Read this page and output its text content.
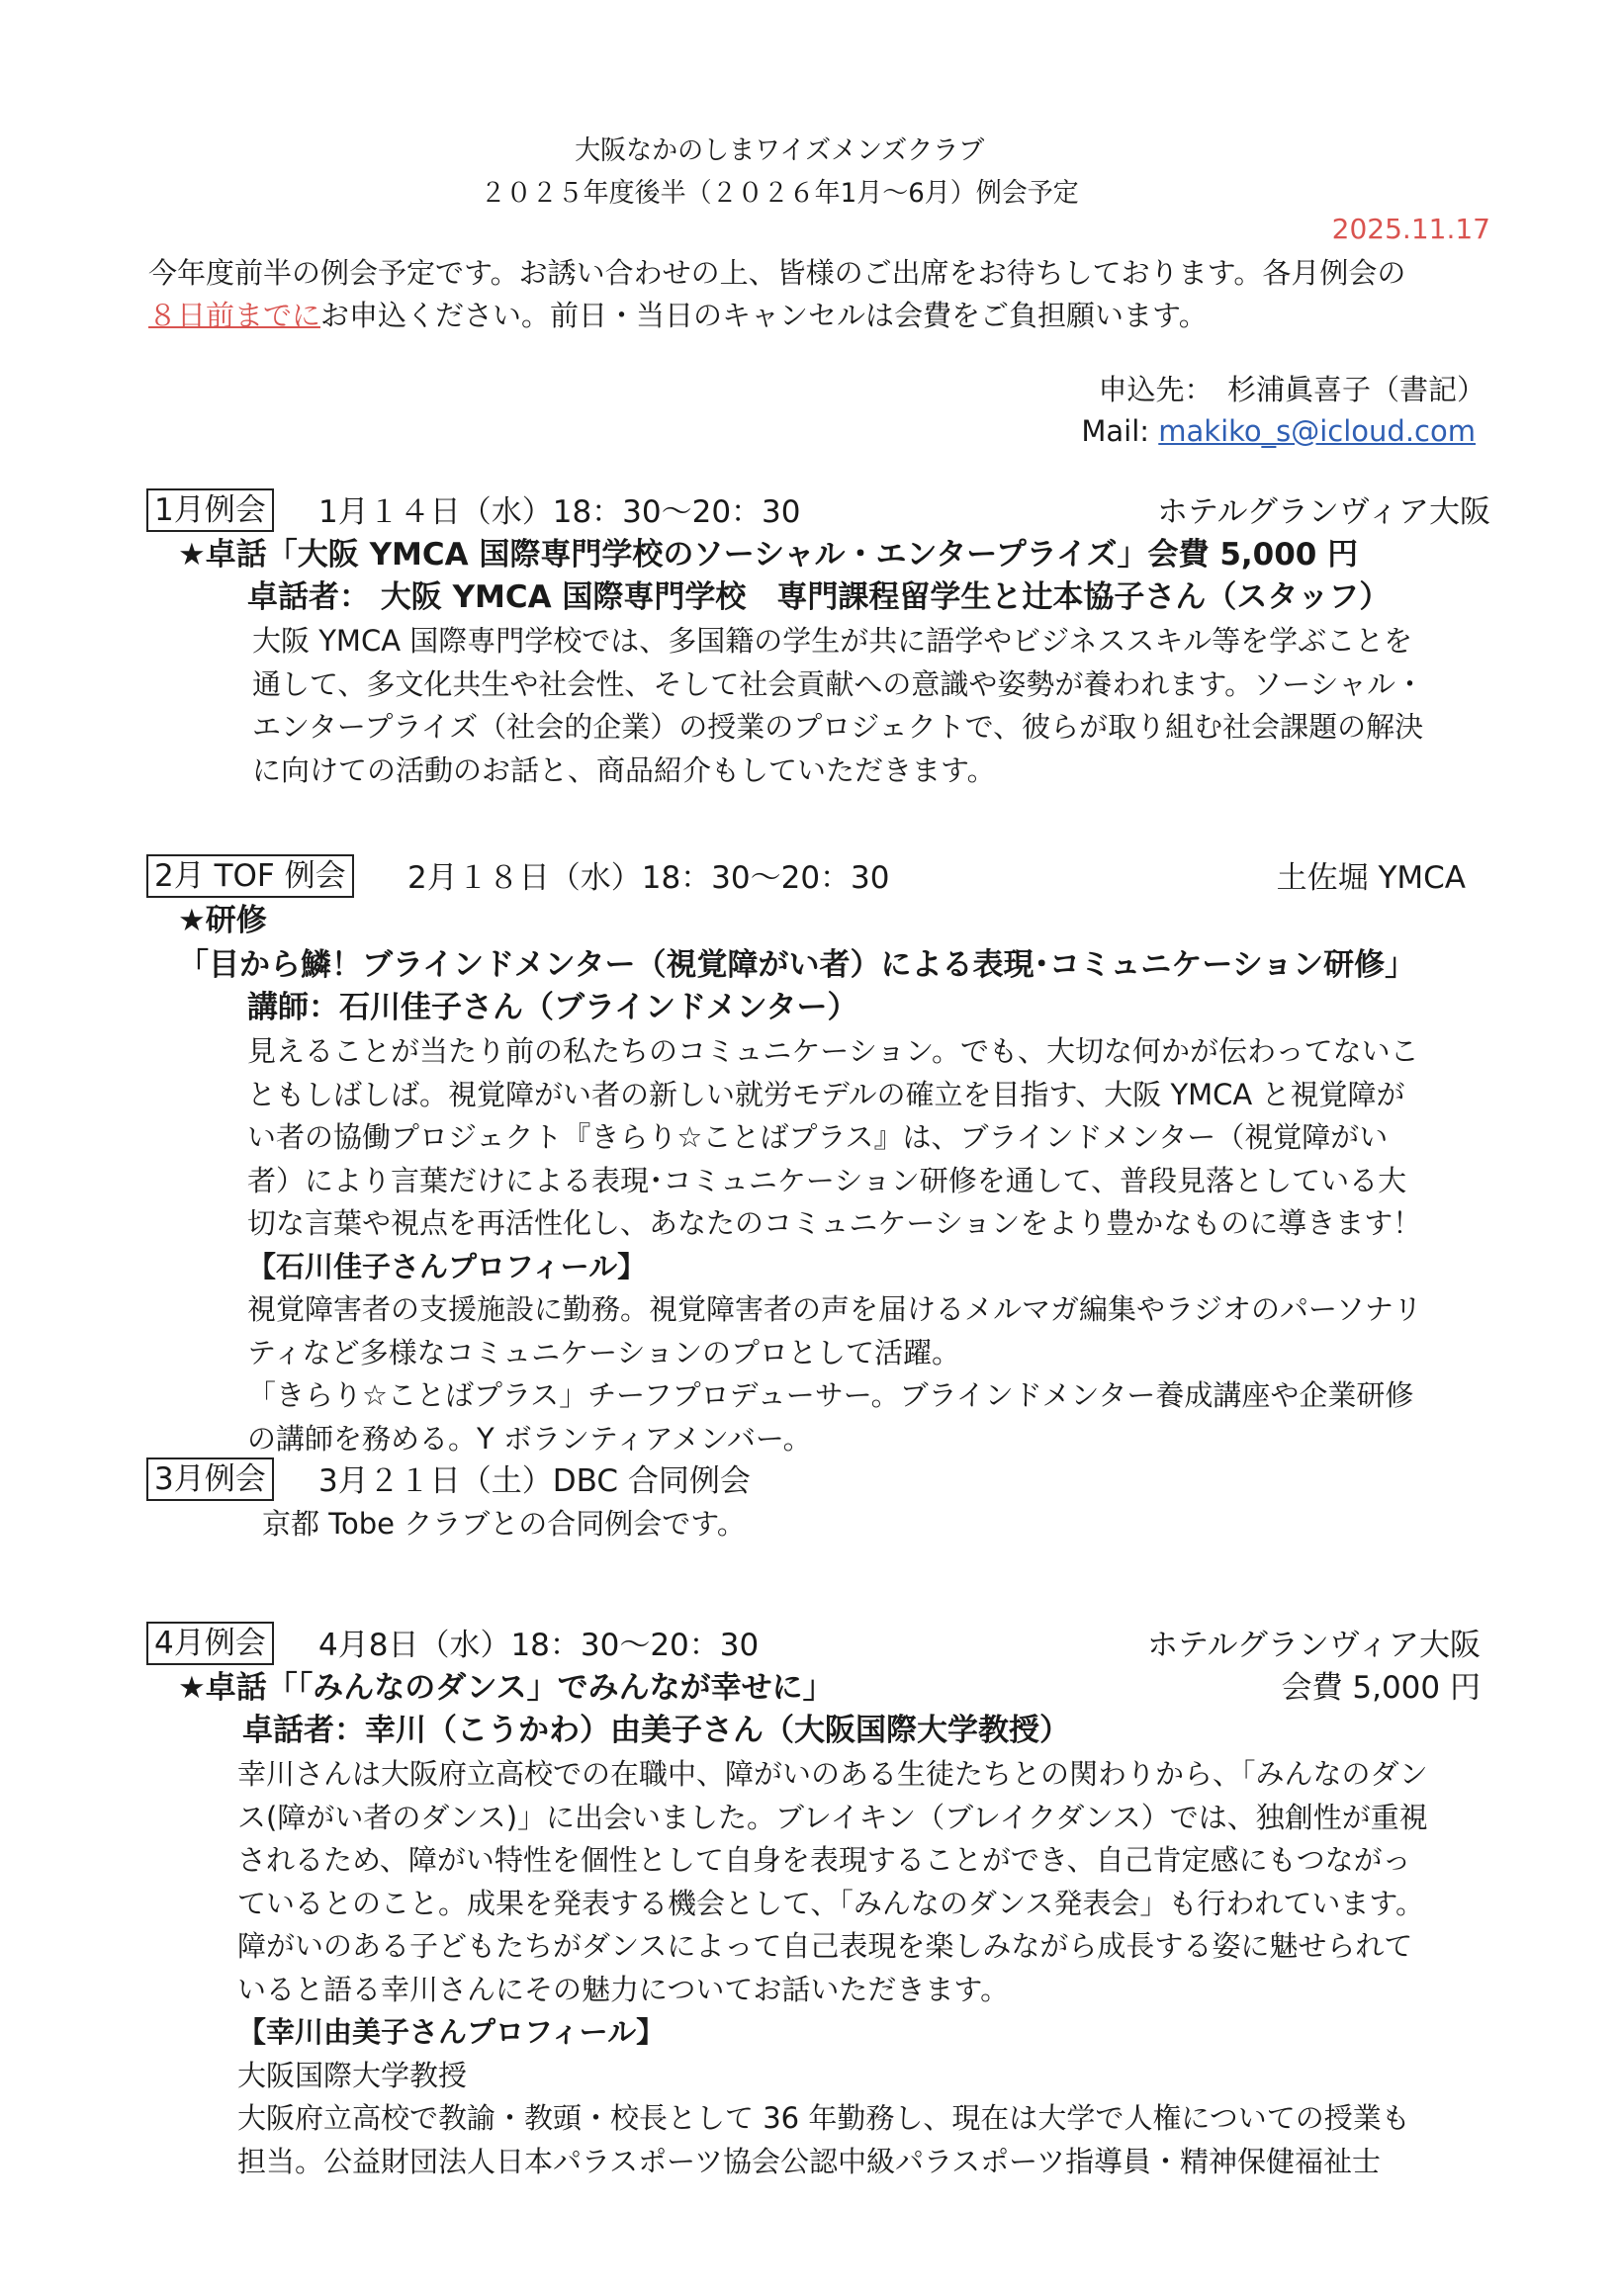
大阪なかのしまワイズメンズクラブ
２０２５年度後半（２０２６年1月～6月）例会予定
2025.11.17
今年度前半の例会予定です。お誘い合わせの上、皆様のご出席をお待ちしております。各月例会の
８日前までにお申込ください。前日・当日のキャンセルは会費をご負担願います。
申込先：　杉浦眞喜子（書記）
Mail: makiko_s@icloud.com
1月例会 1月１４日（水）18：30～20：30	ホテルグランヴィア大阪
★卓話「大阪 YMCA 国際専門学校のソーシャル・エンタープライズ」会費 5,000 円
卓話者： 大阪 YMCA 国際専門学校　専門課程留学生と辻本協子さん（スタッフ）
大阪 YMCA 国際専門学校では、多国籍の学生が共に語学やビジネススキル等を学ぶことを
通して、多文化共生や社会性、そして社会貢献への意識や姿勢が養われます。ソーシャル・
エンタープライズ（社会的企業）の授業のプロジェクトで、彼らが取り組む社会課題の解決
に向けての活動のお話と、商品紹介もしていただきます。
2月 TOF 例会 2月１８日（水）18：30～20：30	土佐堀 YMCA
★研修
「目から鱗！ブラインドメンター（視覚障がい者）による表現･コミュニケーション研修」
講師：石川佳子さん（ブラインドメンター）
見えることが当たり前の私たちのコミュニケーション。でも、大切な何かが伝わってないこ
ともしばしば。視覚障がい者の新しい就労モデルの確立を目指す、大阪 YMCA と視覚障が
い者の協働プロジェクト『きらり☆ことばプラス』は、ブラインドメンター（視覚障がい
者）により言葉だけによる表現･コミュニケーション研修を通して、普段見落としている大
切な言葉や視点を再活性化し、あなたのコミュニケーションをより豊かなものに導きます！
【石川佳子さんプロフィール】
視覚障害者の支援施設に勤務。視覚障害者の声を届けるメルマガ編集やラジオのパーソナリ
ティなど多様なコミュニケーションのプロとして活躍。
「きらり☆ことばプラス」チーフプロデューサー。ブラインドメンター養成講座や企業研修
の講師を務める。Y ボランティアメンバー。
3月例会 3月２１日（土）DBC 合同例会
京都 Tobe クラブとの合同例会です。
4月例会 4月8日（水）18：30～20：30	ホテルグランヴィア大阪
★卓話「「みんなのダンス」でみんなが幸せに」	会費 5,000 円
卓話者：幸川（こうかわ）由美子さん（大阪国際大学教授）
幸川さんは大阪府立高校での在職中、障がいのある生徒たちとの関わりから、「みんなのダン
ス(障がい者のダンス)」に出会いました。ブレイキン（ブレイクダンス）では、独創性が重視
されるため、障がい特性を個性として自身を表現することができ、自己肯定感にもつながっ
ているとのこと。成果を発表する機会として、「みんなのダンス発表会」も行われています。
障がいのある子どもたちがダンスによって自己表現を楽しみながら成長する姿に魅せられて
いると語る幸川さんにその魅力についてお話いただきます。
【幸川由美子さんプロフィール】
大阪国際大学教授
大阪府立高校で教諭・教頭・校長として 36 年勤務し、現在は大学で人権についての授業も
担当。公益財団法人日本パラスポーツ協会公認中級パラスポーツ指導員・精神保健福祉士
